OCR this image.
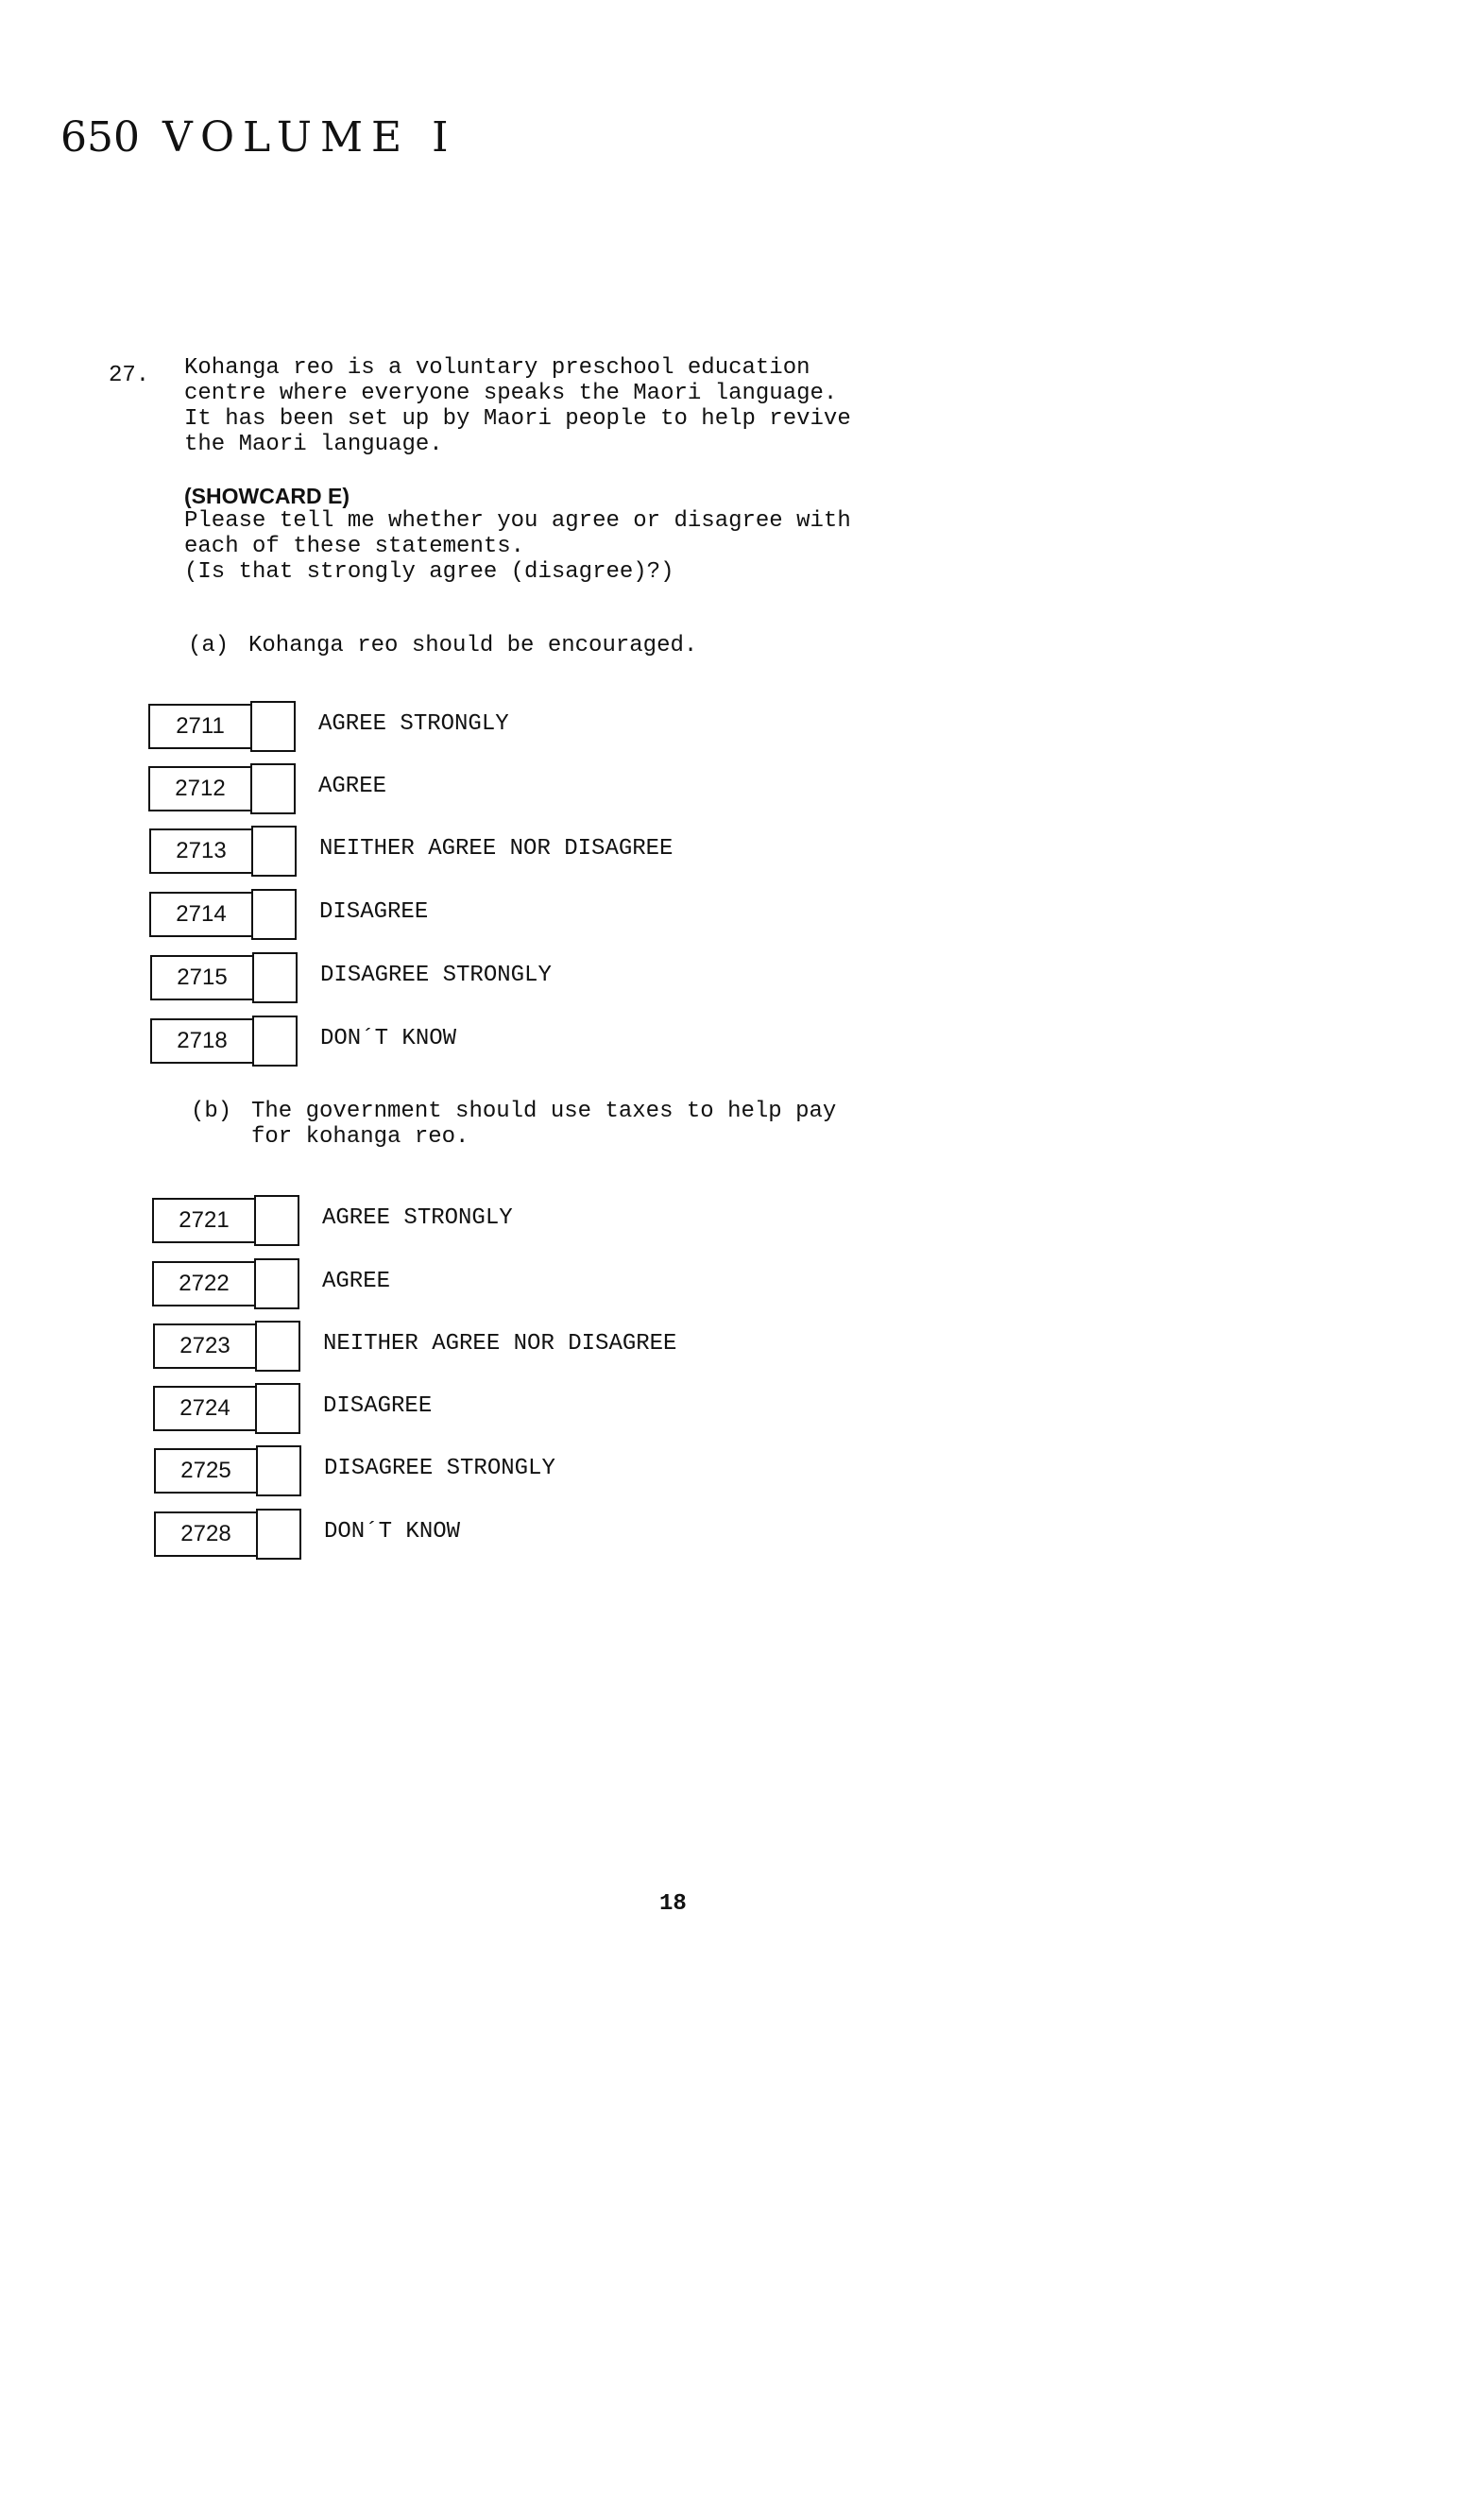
650 VOLUME I
27. Kohanga reo is a voluntary preschool education
centre where everyone speaks the Maori language.
It has been set up by Maori people to help revive
the Maori language.
(SHOWCARD E)
Please tell me whether you agree or disagree with
each of these statements.
(Is that strongly agree (disagree)?)

(a)

Kohanga reo should be encouraged.

2711	AGREE STRONGLY
2712	AGREE
2713	NEITHER AGREE NOR DISAGREE
2714	DISAGREE
2715	DISAGREE STRONGLY
2718	DON´T KNOW

(b)

The government should use taxes to help pay
for kohanga reo.

2721	AGREE STRONGLY
2722	AGREE
2723	NEITHER AGREE NOR DISAGREE
2724	DISAGREE
2725	DISAGREE STRONGLY
2728	DON´T KNOW
18
